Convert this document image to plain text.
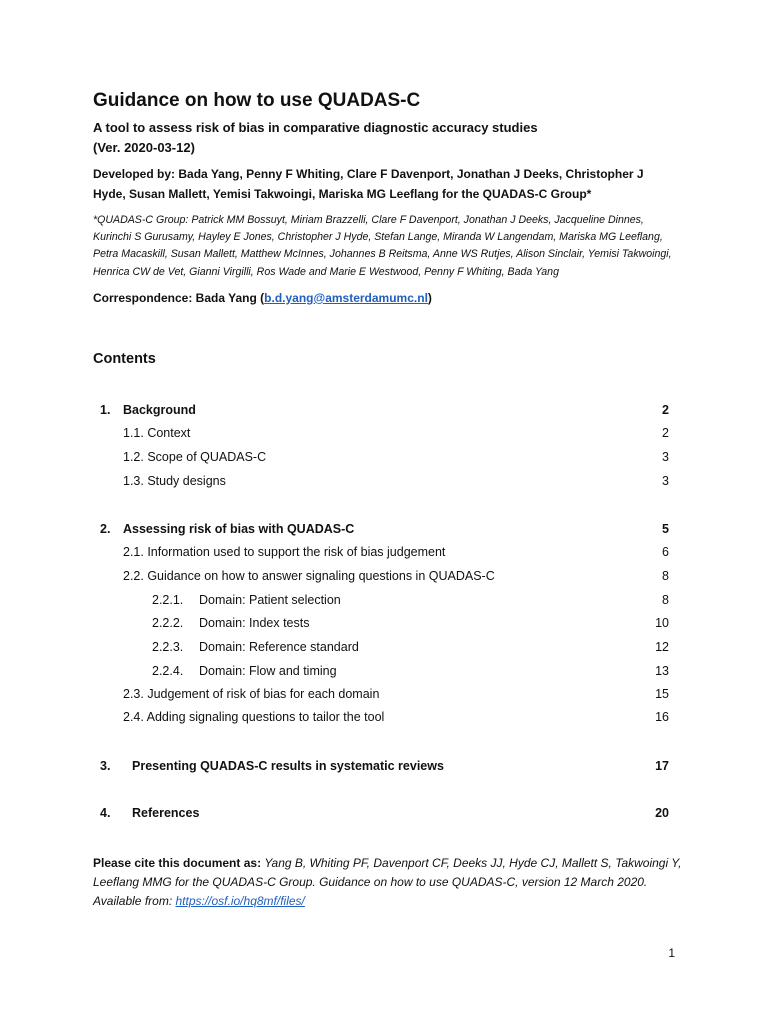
Guidance on how to use QUADAS-C
A tool to assess risk of bias in comparative diagnostic accuracy studies
(Ver. 2020-03-12)
Developed by: Bada Yang, Penny F Whiting, Clare F Davenport, Jonathan J Deeks, Christopher J Hyde, Susan Mallett, Yemisi Takwoingi, Mariska MG Leeflang for the QUADAS-C Group*
*QUADAS-C Group: Patrick MM Bossuyt, Miriam Brazzelli, Clare F Davenport, Jonathan J Deeks, Jacqueline Dinnes, Kurinchi S Gurusamy, Hayley E Jones, Christopher J Hyde, Stefan Lange, Miranda W Langendam, Mariska MG Leeflang, Petra Macaskill, Susan Mallett, Matthew McInnes, Johannes B Reitsma, Anne WS Rutjes, Alison Sinclair, Yemisi Takwoingi, Henrica CW de Vet, Gianni Virgilli, Ros Wade and Marie E Westwood, Penny F Whiting, Bada Yang
Correspondence: Bada Yang (b.d.yang@amsterdamumc.nl)
Contents
1. Background	2
1.1. Context	2
1.2. Scope of QUADAS-C	3
1.3. Study designs	3
2. Assessing risk of bias with QUADAS-C	5
2.1. Information used to support the risk of bias judgement	6
2.2. Guidance on how to answer signaling questions in QUADAS-C	8
2.2.1. Domain: Patient selection	8
2.2.2. Domain: Index tests	10
2.2.3. Domain: Reference standard	12
2.2.4. Domain: Flow and timing	13
2.3. Judgement of risk of bias for each domain	15
2.4. Adding signaling questions to tailor the tool	16
3. Presenting QUADAS-C results in systematic reviews	17
4. References	20
Please cite this document as: Yang B, Whiting PF, Davenport CF, Deeks JJ, Hyde CJ, Mallett S, Takwoingi Y, Leeflang MMG for the QUADAS-C Group. Guidance on how to use QUADAS-C, version 12 March 2020. Available from: https://osf.io/hq8mf/files/
1
